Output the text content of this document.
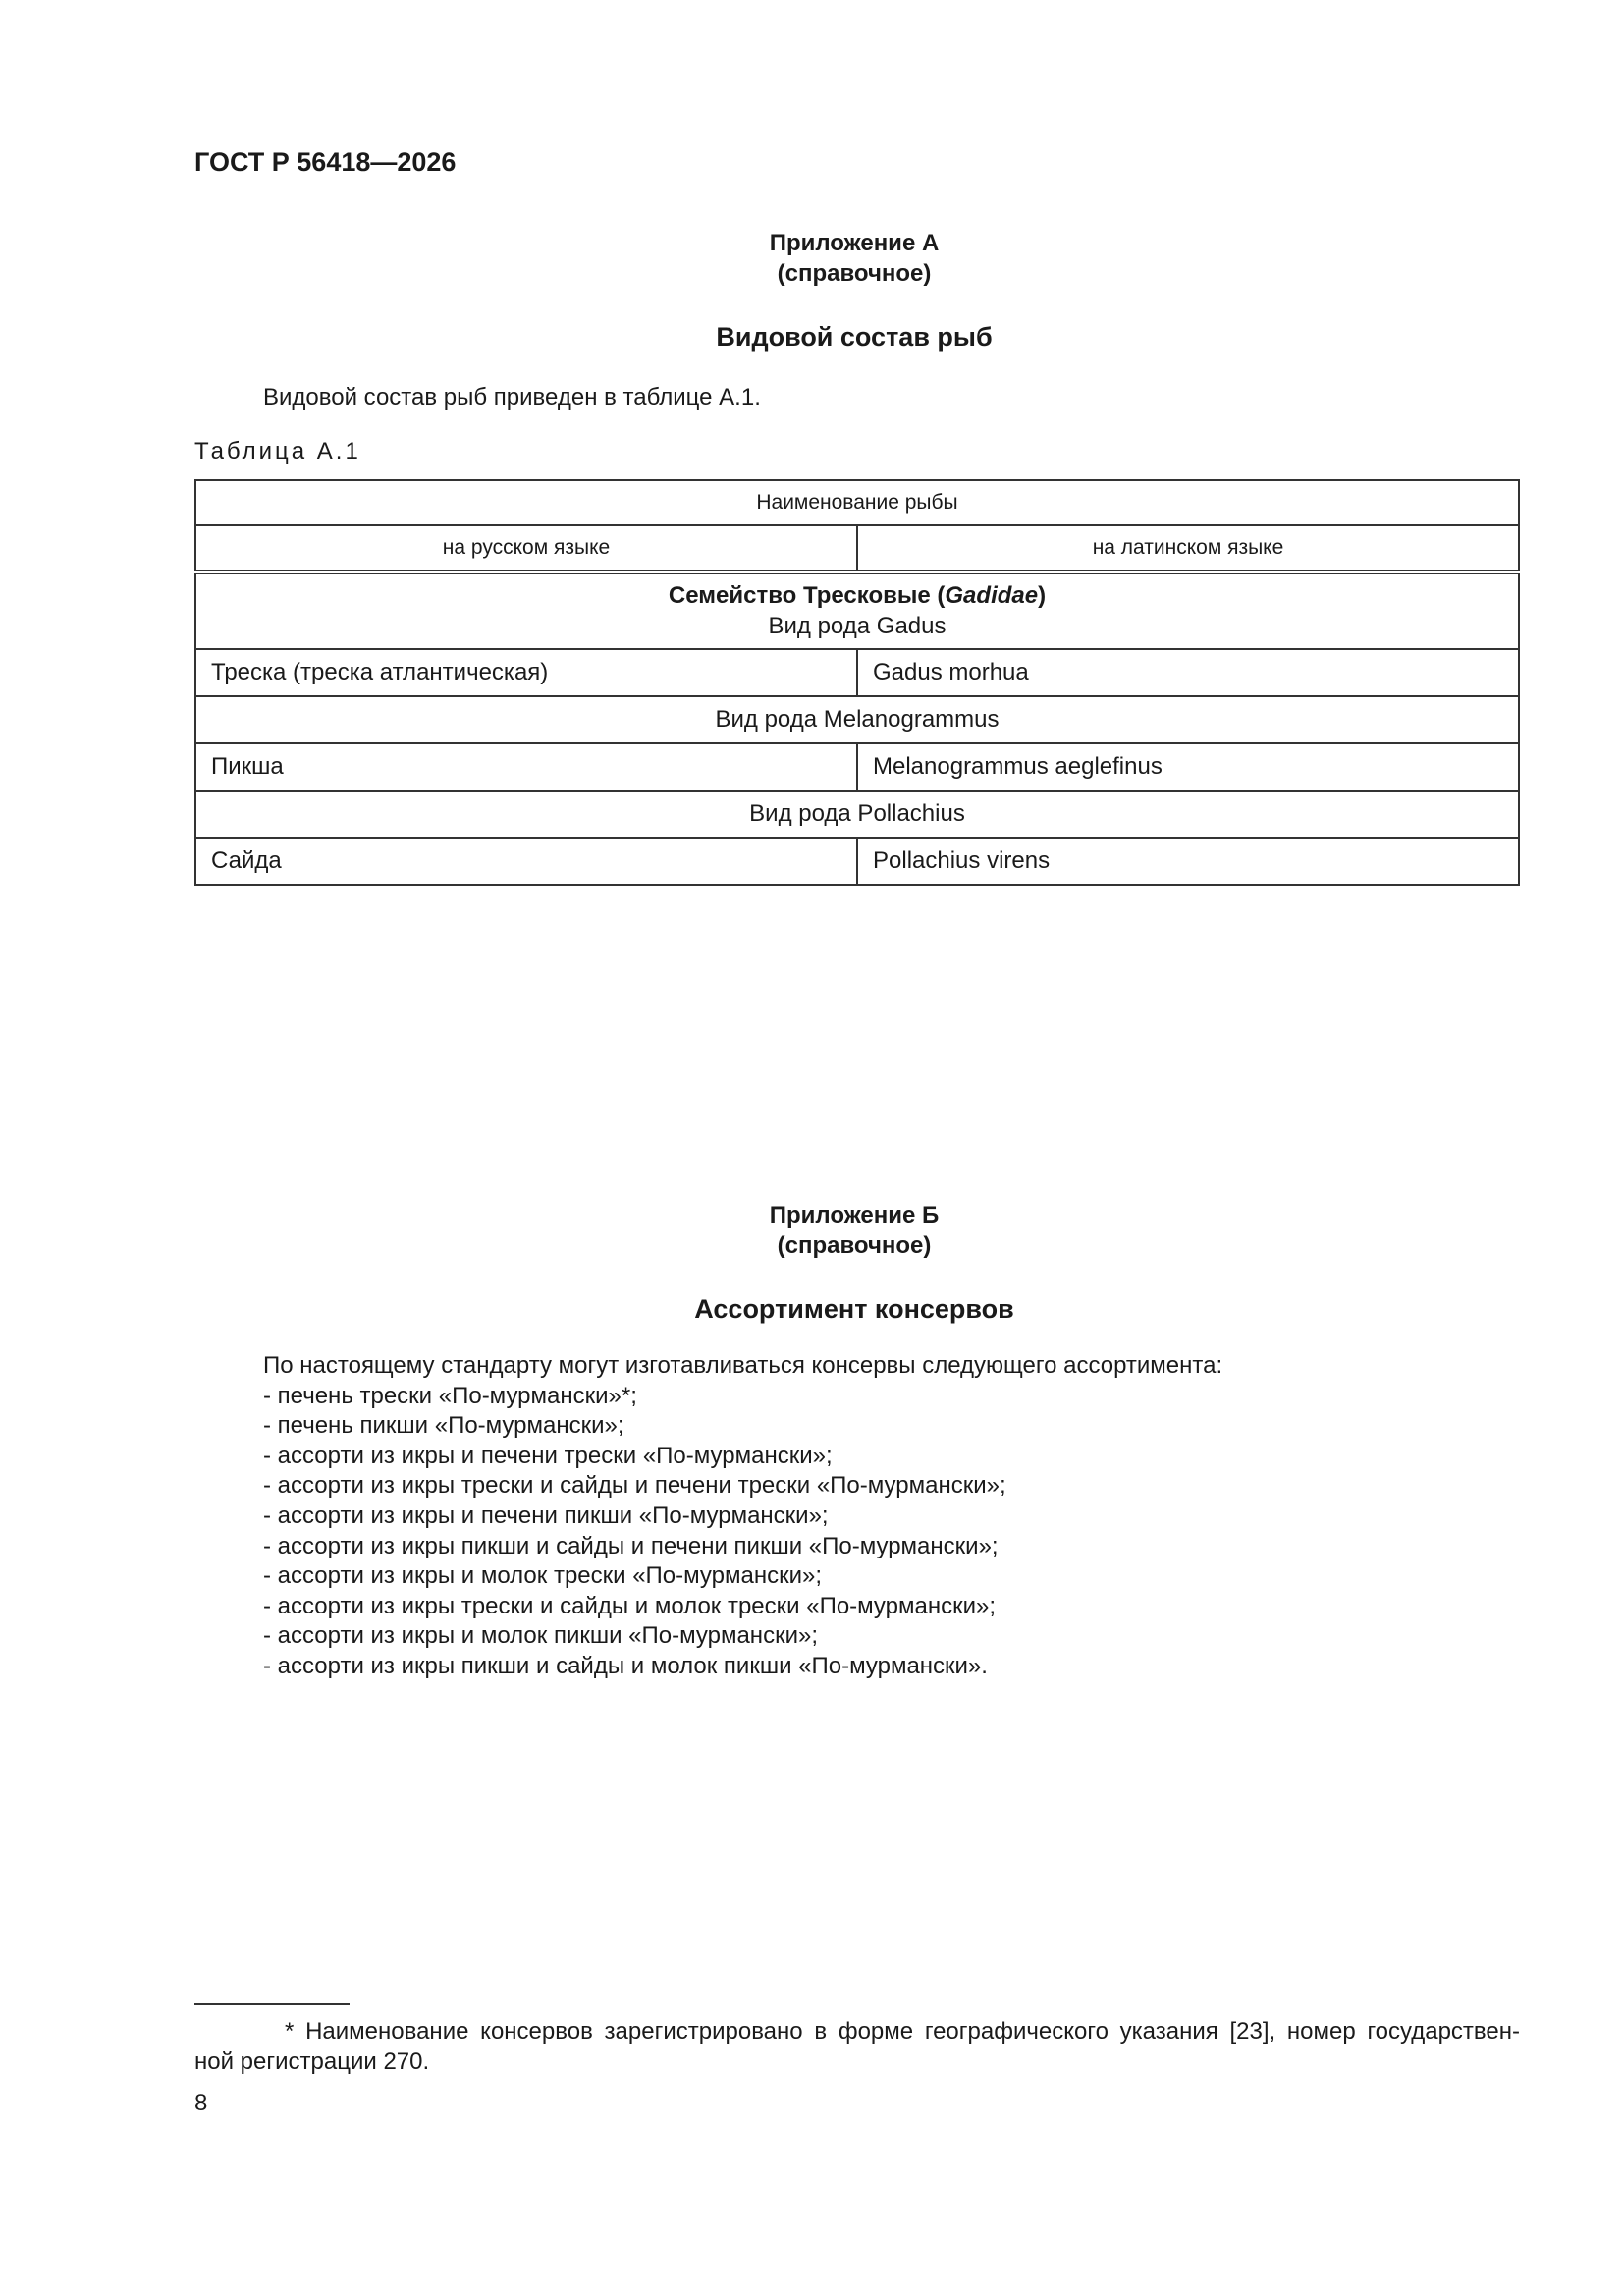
ГОСТ Р 56418—2026
Приложение А
(справочное)
Видовой состав рыб
Видовой состав рыб приведен в таблице А.1.
Таблица А.1
Наименование рыбы	
на русском языке	на латинском языке
Семейство Тресковые (Gadidae)
Вид рода Gadus	
Треска (треска атлантическая)	Gadus morhua
Вид рода Melanogrammus	
Пикша	Melanogrammus aeglefinus
Вид рода Pollachius	
Сайда	Pollachius virens
Приложение Б
(справочное)
Ассортимент консервов
По настоящему стандарту могут изготавливаться консервы следующего ассортимента:
- печень трески «По-мурмански»*;
- печень пикши «По-мурмански»;
- ассорти из икры и печени трески «По-мурмански»;
- ассорти из икры трески и сайды и печени трески «По-мурмански»;
- ассорти из икры и печени пикши «По-мурмански»;
- ассорти из икры пикши и сайды и печени пикши «По-мурмански»;
- ассорти из икры и молок трески «По-мурмански»;
- ассорти из икры трески и сайды и молок трески «По-мурмански»;
- ассорти из икры и молок пикши «По-мурмански»;
- ассорти из икры пикши и сайды и молок пикши «По-мурмански».
* Наименование консервов зарегистрировано в форме географического указания [23], номер государствен-
ной регистрации 270.
8
